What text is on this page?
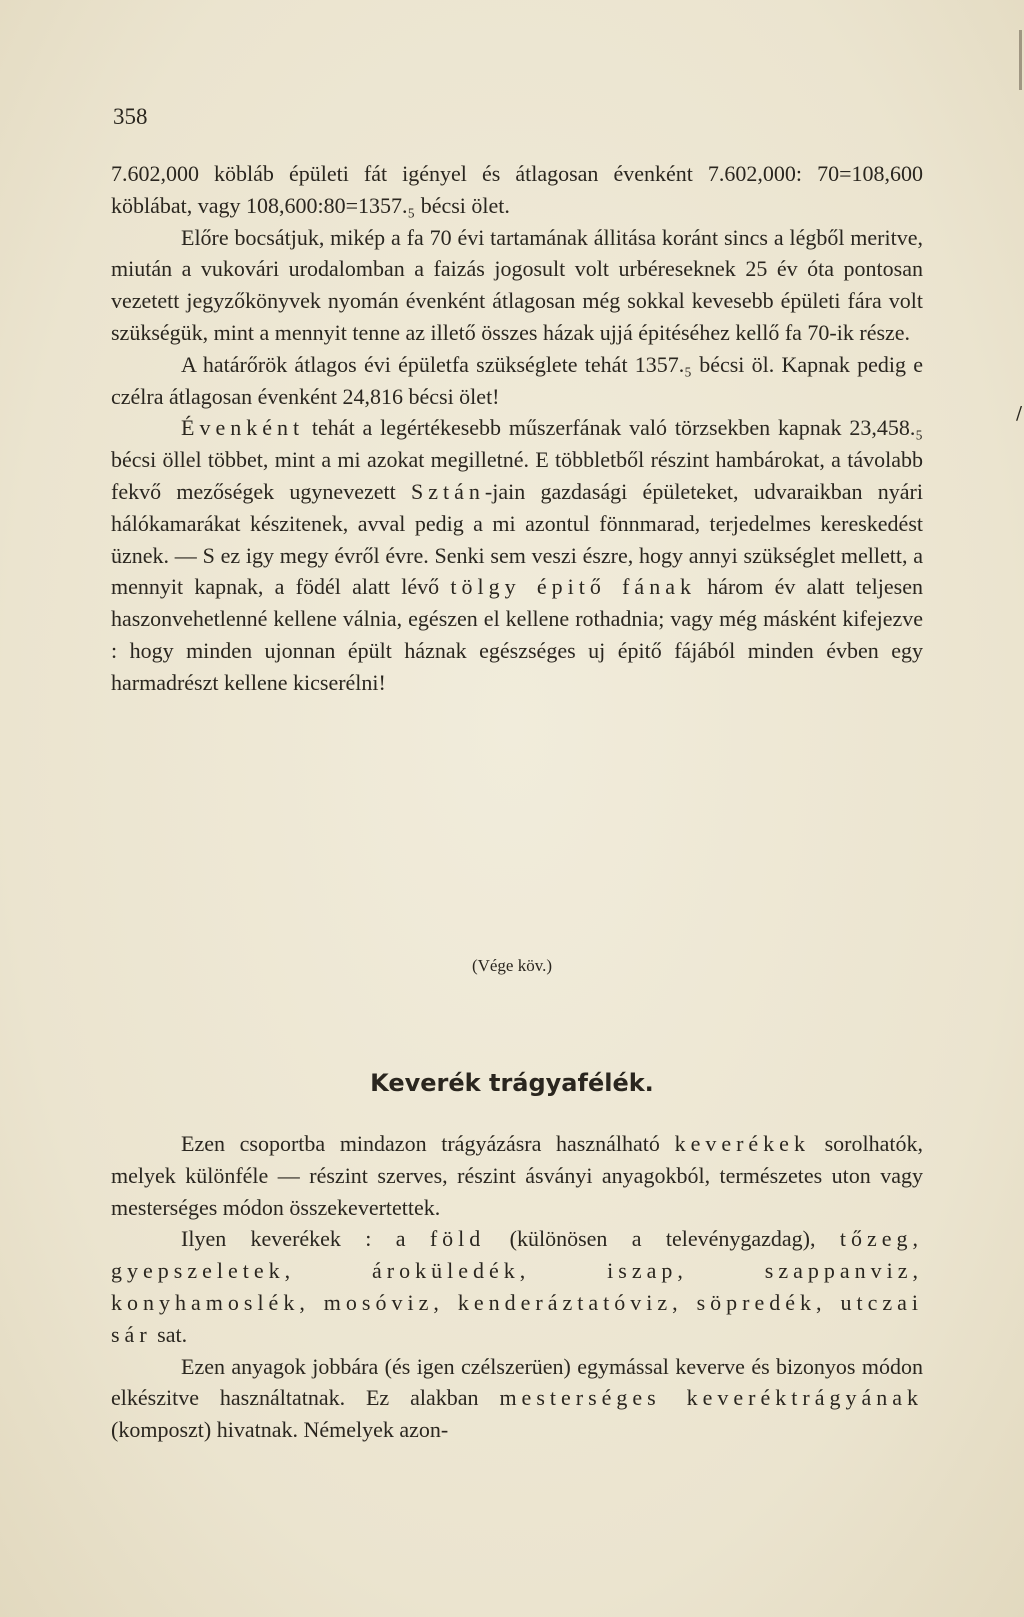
/
358

7.602,000 köbláb épületi fát igényel és átlagosan évenként 7.602,000: 70=108,600 köblábat, vagy 108,600:80=1357.₅ bécsi ölet.

Előre bocsátjuk, mikép a fa 70 évi tartamának állitása koránt sincs a légből meritve, miután a vukovári urodalomban a faizás jogosult volt urbéreseknek 25 év óta pontosan vezetett jegyzőkönyvek nyomán évenként átlagosan még sokkal kevesebb épületi fára volt szükségük, mint a mennyit tenne az illető összes házak ujjá épitéséhez kellő fa 70-ik része.

A határőrök átlagos évi épületfa szükséglete tehát 1357.₅ bécsi öl. Kapnak pedig e czélra átlagosan évenként 24,816 bécsi ölet!

Évenként tehát a legértékesebb műszerfának való törzsekben kapnak 23,458.₅ bécsi öllel többet, mint a mi azokat megilletné. E többletből részint hambárokat, a távolabb fekvő mezőségek ugynevezett Sztán-jain gazdasági épületeket, udvaraikban nyári hálókamarákat készitenek, avval pedig a mi azontul fönnmarad, terjedelmes kereskedést üznek. — S ez igy megy évről évre. Senki sem veszi észre, hogy annyi szükséglet mellett, a mennyit kapnak, a födél alatt lévő tölgy épitő fának három év alatt teljesen haszonvehetlenné kellene válnia, egészen el kellene rothadnia; vagy még másként kifejezve : hogy minden ujonnan épült háznak egészséges uj épitő fájából minden évben egy harmadrészt kellene kicserélni!

(Vége köv.)
Keverék trágyafélék.

Ezen csoportba mindazon trágyázásra használható keverékek sorolhatók, melyek különféle — részint szerves, részint ásványi anyagokból, természetes uton vagy mesterséges módon összekevertettek.

Ilyen keverékek : a föld (különösen a televénygazdag), tőzeg, gyepszeletek, ároküledék, iszap, szappanviz, konyhamoslék, mosóviz, kenderáztatóviz, söpredék, utczai sár sat.

Ezen anyagok jobbára (és igen czélszerüen) egymással keverve és bizonyos módon elkészitve használtatnak. Ez alakban mesterséges keveréktrágyának (komposzt) hivatnak. Némelyek azon-
